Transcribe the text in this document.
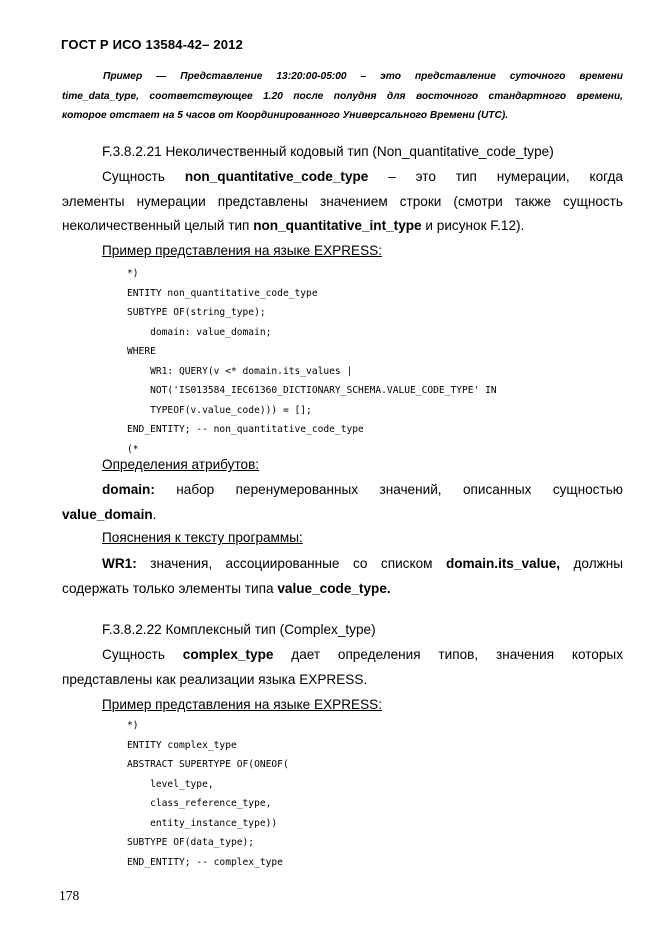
ГОСТ Р ИСО 13584-42– 2012
Пример — Представление 13:20:00-05:00 – это представление суточного времени
time_data_type, соответствующее 1.20 после полудня для восточного стандартного времени,
которое отстает на 5 часов от Координированного Универсального Времени (UTC).
F.3.8.2.21 Неколичественный кодовый тип (Non_quantitative_code_type)
Сущность non_quantitative_code_type – это тип нумерации, когда
элементы нумерации представлены значением строки (смотри также сущность
неколичественный целый тип non_quantitative_int_type и рисунок F.12).
Пример представления на языке EXPRESS:
*)
ENTITY non_quantitative_code_type
SUBTYPE OF(string_type);
domain: value_domain;
WHERE
WR1: QUERY(v <* domain.its_values |
NOT('IS013584_IEC61360_DICTIONARY_SCHEMA.VALUE_CODE_TYPE' IN
TYPEOF(v.value_code))) = [];
END_ENTITY; -- non_quantitative_code_type
(*
Определения атрибутов:
domain: набор перенумерованных значений, описанных сущностью
value_domain.
Пояснения к тексту программы:
WR1: значения, ассоциированные со списком domain.its_value, должны
содержать только элементы типа value_code_type.
F.3.8.2.22 Комплексный тип (Complex_type)
Сущность complex_type дает определения типов, значения которых
представлены как реализации языка EXPRESS.
Пример представления на языке EXPRESS:
*)
ENTITY complex_type
ABSTRACT SUPERTYPE OF(ONEOF(
level_type,
class_reference_type,
entity_instance_type))
SUBTYPE OF(data_type);
END_ENTITY; -- complex_type
178
